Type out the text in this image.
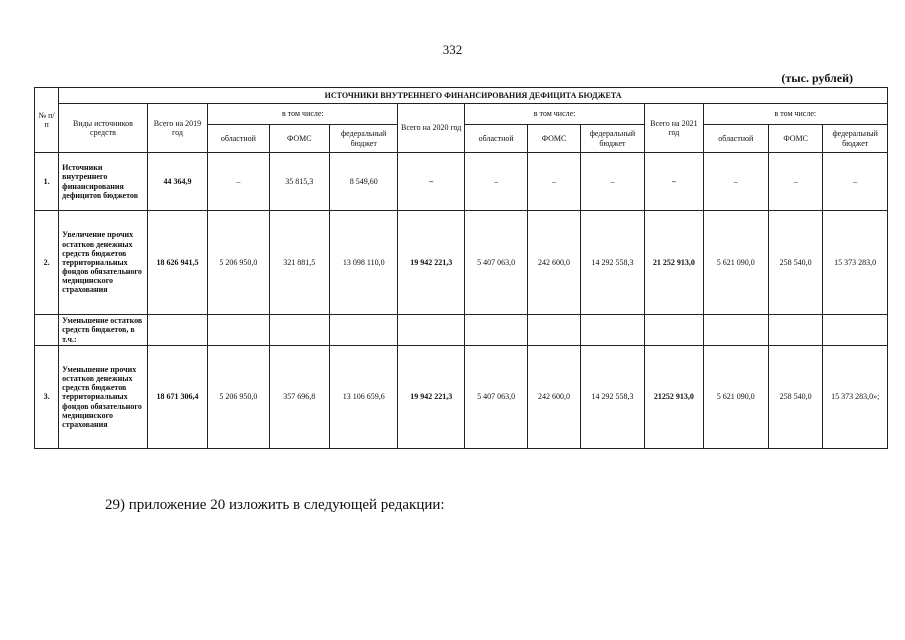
332
(тыс. рублей)
№ п/п	ИСТОЧНИКИ ВНУТРЕННЕГО ФИНАНСИРОВАНИЯ ДЕФИЦИТА БЮДЖЕТА												
	Виды источников средств	Всего на 2019 год	в том числе:			Всего на 2020 год	в том числе:			Всего на 2021 год	в том числе:		
			областной	ФОМС	федеральный бюджет		областной	ФОМС	федеральный бюджет		областной	ФОМС	федеральный бюджет
1.	Источники внутреннего финансирования дефицитов бюджетов	44 364,9	–	35 815,3	8 549,60	–	–	–	–	–	–	–	–
2.	Увеличение прочих остатков денежных средств бюджетов территориальных фондов обязательного медицинского страхования	18 626 941,5	5 206 950,0	321 881,5	13 098 110,0	19 942 221,3	5 407 063,0	242 600,0	14 292 558,3	21 252 913,0	5 621 090,0	258 540,0	15 373 283,0
	Уменьшение остатков средств бюджетов, в т.ч.:												
3.	Уменьшение прочих остатков денежных средств бюджетов территориальных фондов обязательного медицинского страхования	18 671 306,4	5 206 950,0	357 696,8	13 106 659,6	19 942 221,3	5 407 063,0	242 600,0	14 292 558,3	21252 913,0	5 621 090,0	258 540,0	15 373 283,0»;
29) приложение 20 изложить в следующей редакции:
